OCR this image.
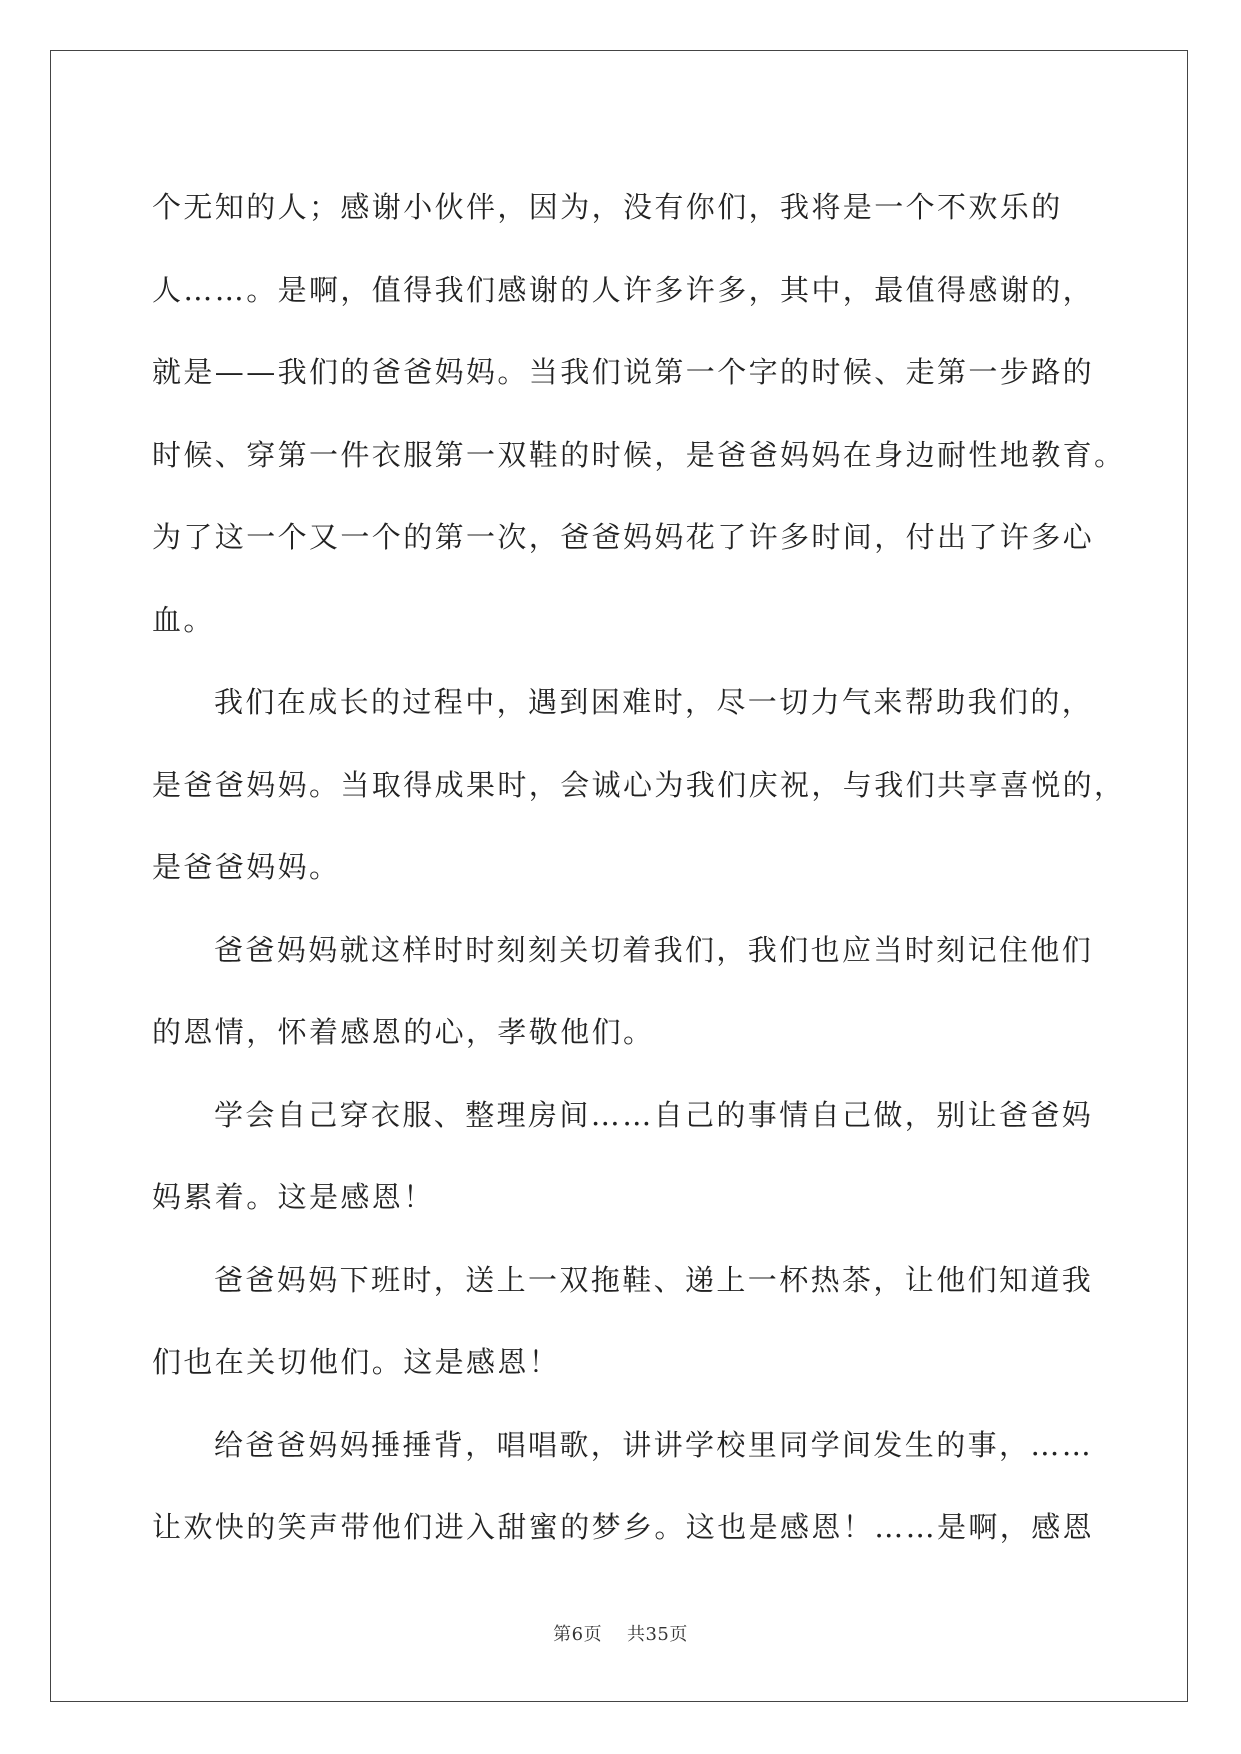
个无知的人；感谢小伙伴，因为，没有你们，我将是一个不欢乐的
人……。是啊，值得我们感谢的人许多许多，其中，最值得感谢的，
就是——我们的爸爸妈妈。当我们说第一个字的时候、走第一步路的
时候、穿第一件衣服第一双鞋的时候，是爸爸妈妈在身边耐性地教育。
为了这一个又一个的第一次，爸爸妈妈花了许多时间，付出了许多心
血。

我们在成长的过程中，遇到困难时，尽一切力气来帮助我们的，
是爸爸妈妈。当取得成果时，会诚心为我们庆祝，与我们共享喜悦的，
是爸爸妈妈。

爸爸妈妈就这样时时刻刻关切着我们，我们也应当时刻记住他们
的恩情，怀着感恩的心，孝敬他们。

学会自己穿衣服、整理房间……自己的事情自己做，别让爸爸妈
妈累着。这是感恩！

爸爸妈妈下班时，送上一双拖鞋、递上一杯热茶，让他们知道我
们也在关切他们。这是感恩！

给爸爸妈妈捶捶背，唱唱歌，讲讲学校里同学间发生的事，……
让欢快的笑声带他们进入甜蜜的梦乡。这也是感恩！……是啊，感恩

第6页 共35页
